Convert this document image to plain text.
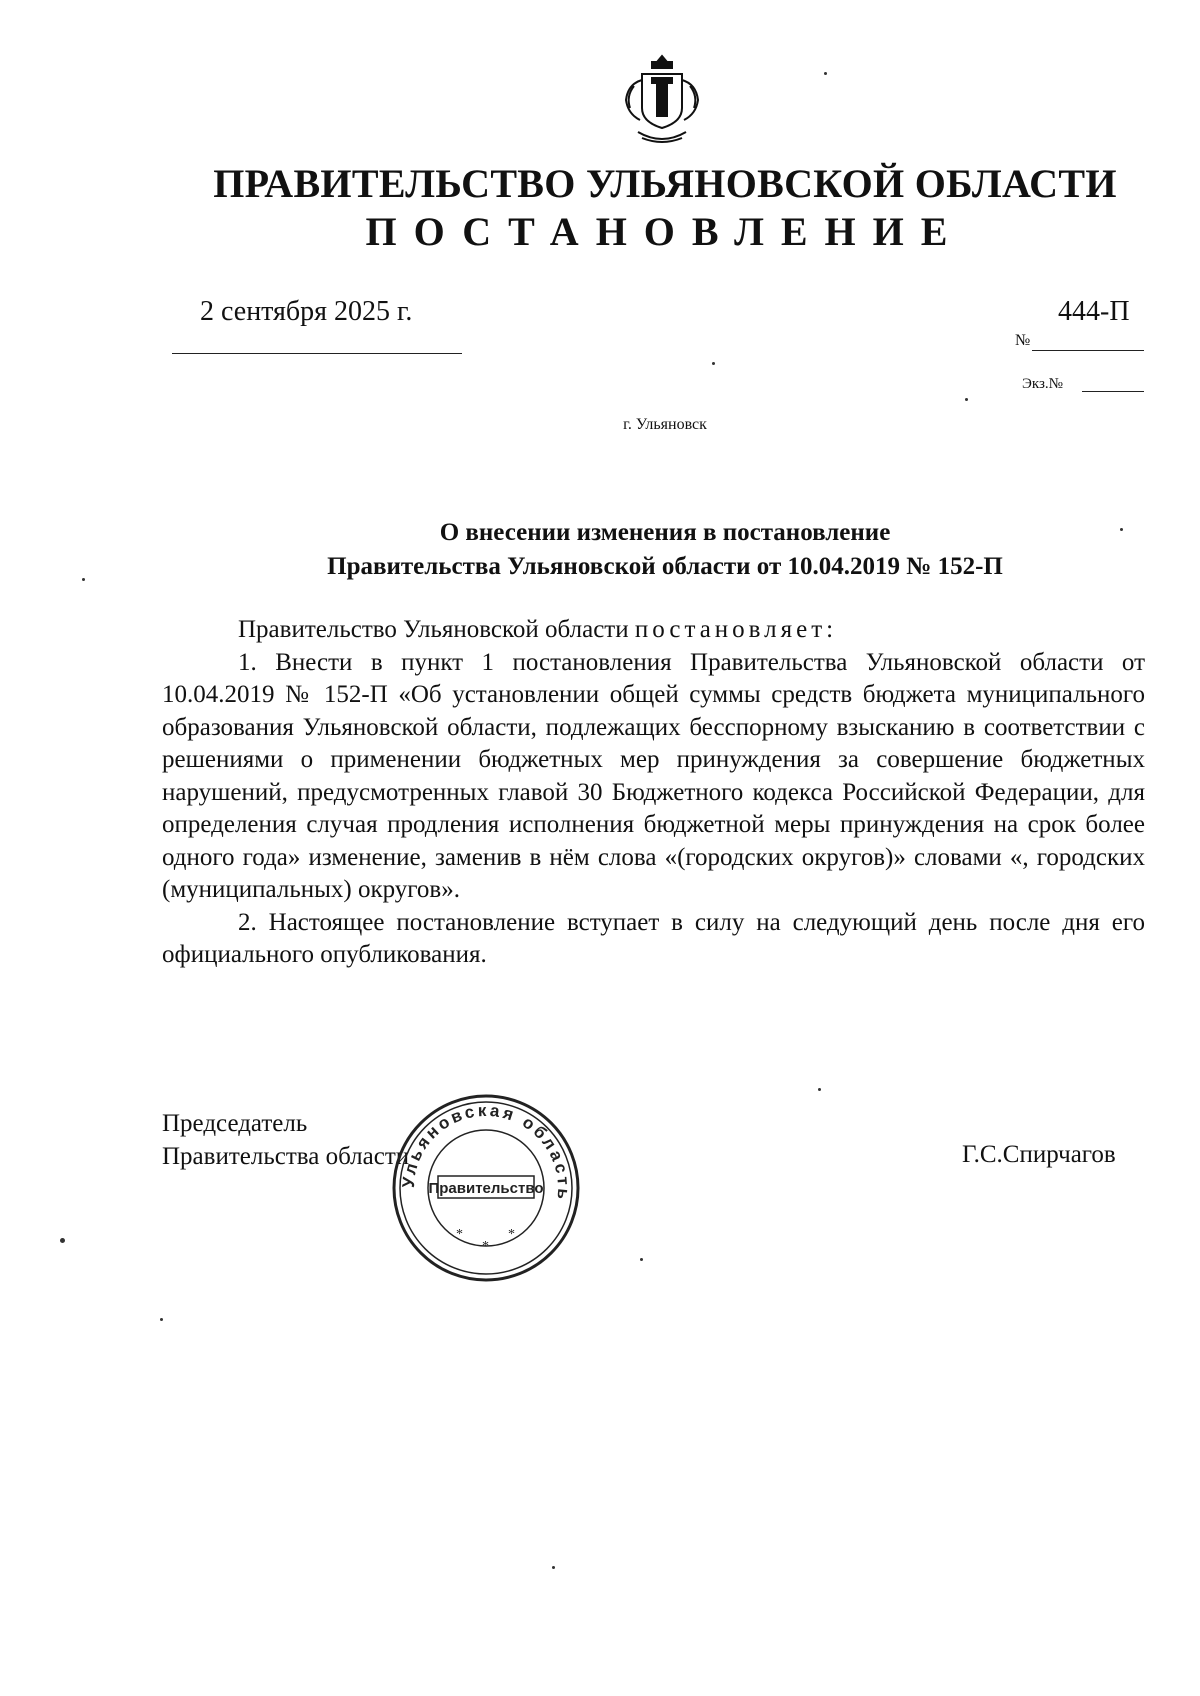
ПРАВИТЕЛЬСТВО УЛЬЯНОВСКОЙ ОБЛАСТИ
ПОСТАНОВЛЕНИЕ
2 сентября 2025 г.	444-П
№
Экз.№
г. Ульяновск
О внесении изменения в постановление
Правительства Ульяновской области от 10.04.2019 № 152-П

Правительство Ульяновской области постановляет:

1. Внести в пункт 1 постановления Правительства Ульяновской области от 10.04.2019 № 152-П «Об установлении общей суммы средств бюджета муниципального образования Ульяновской области, подлежащих бесспорному взысканию в соответствии с решениями о применении бюджетных мер принуждения за совершение бюджетных нарушений, предусмотренных главой 30 Бюджетного кодекса Российской Федерации, для определения случая продления исполнения бюджетной меры принуждения на срок более одного года» изменение, заменив в нём слова «(городских округов)» словами «, городских (муниципальных) округов».

2. Настоящее постановление вступает в силу на следующий день после дня его официального опубликования.

Председатель
Правительства области	Г.С.Спирчагов
Ульяновская область
Правительство
*
*
*
